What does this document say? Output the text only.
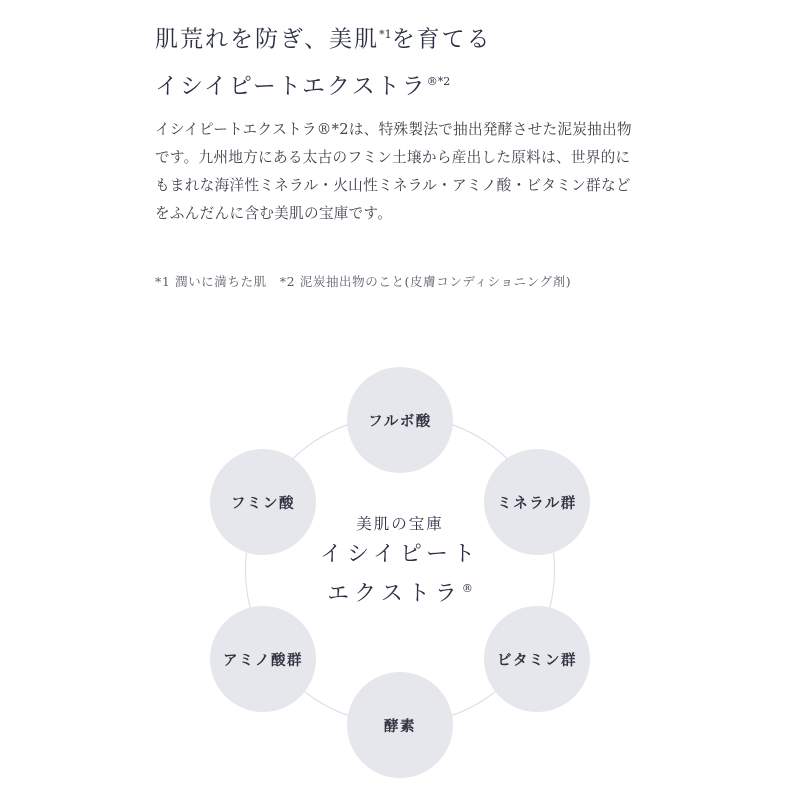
肌荒れを防ぎ、美肌$^{*1}$を育てる
イシイピートエクストラ$^{®*2}$

イシイピートエクストラ®*2は、特殊製法で抽出発酵させた泥炭抽出物です。九州地方にある太古のフミン土壌から産出した原料は、世界的にもまれな海洋性ミネラル・火山性ミネラル・アミノ酸・ビタミン群などをふんだんに含む美肌の宝庫です。

*1 潤いに満ちた肌　*2 泥炭抽出物のこと(皮膚コンディショニング剤)

フルボ酸
ミネラル群
ビタミン群
酵素
アミノ酸群
フミン酸
美肌の宝庫
イシイピート
エクストラ®
